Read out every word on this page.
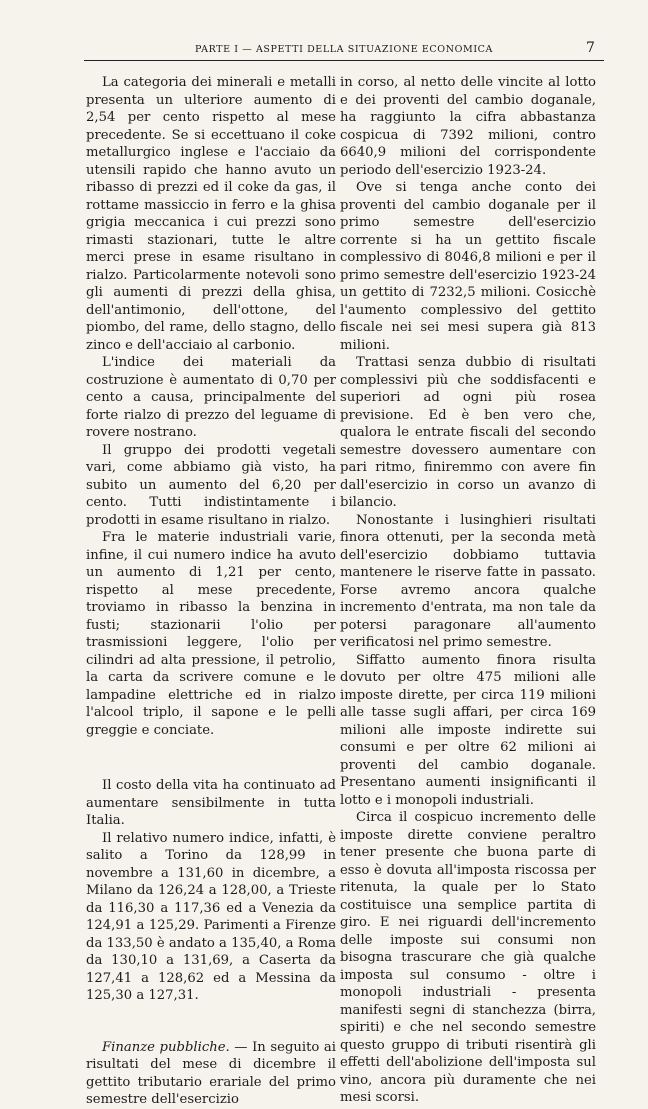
PARTE I — ASPETTI DELLA SITUAZIONE ECONOMICA	7

La categoria dei minerali e metalli presenta un ulteriore aumento di 2,54 per cento rispetto al mese precedente. Se si eccettuano il coke metallurgico inglese e l'acciaio da utensili rapido che hanno avuto un ribasso di prezzi ed il coke da gas, il rottame massiccio in ferro e la ghisa grigia meccanica i cui prezzi sono rimasti stazionari, tutte le altre merci prese in esame risultano in rialzo. Particolarmente notevoli sono gli aumenti di prezzi della ghisa, dell'antimonio, dell'ottone, del piombo, del rame, dello stagno, dello zinco e dell'acciaio al carbonio.

L'indice dei materiali da costruzione è aumentato di 0,70 per cento a causa, principalmente del forte rialzo di prezzo del leguame di rovere nostrano.

Il gruppo dei prodotti vegetali vari, come abbiamo già visto, ha subito un aumento del 6,20 per cento. Tutti indistintamente i prodotti in esame risultano in rialzo.

Fra le materie industriali varie, infine, il cui numero indice ha avuto un aumento di 1,21 per cento, rispetto al mese precedente, troviamo in ribasso la benzina in fusti; stazionarii l'olio per trasmissioni leggere, l'olio per cilindri ad alta pressione, il petrolio, la carta da scrivere comune e le lampadine elettriche ed in rialzo l'alcool triplo, il sapone e le pelli greggie e conciate.

Il costo della vita ha continuato ad aumentare sensibilmente in tutta Italia.

Il relativo numero indice, infatti, è salito a Torino da 128,99 in novembre a 131,60 in dicembre, a Milano da 126,24 a 128,00, a Trieste da 116,30 a 117,36 ed a Venezia da 124,91 a 125,29. Parimenti a Firenze da 133,50 è andato a 135,40, a Roma da 130,10 a 131,69, a Caserta da 127,41 a 128,62 ed a Messina da 125,30 a 127,31.

Finanze pubbliche. — In seguito ai risultati del mese di dicembre il gettito tributario erariale del primo semestre dell'esercizio

in corso, al netto delle vincite al lotto e dei proventi del cambio doganale, ha raggiunto la cifra abbastanza cospicua di 7392 milioni, contro 6640,9 milioni del corrispondente periodo dell'esercizio 1923-24.

Ove si tenga anche conto dei proventi del cambio doganale per il primo semestre dell'esercizio corrente si ha un gettito fiscale complessivo di 8046,8 milioni e per il primo semestre dell'esercizio 1923-24 un gettito di 7232,5 milioni. Cosicchè l'aumento complessivo del gettito fiscale nei sei mesi supera già 813 milioni.

Trattasi senza dubbio di risultati complessivi più che soddisfacenti e superiori ad ogni più rosea previsione. Ed è ben vero che, qualora le entrate fiscali del secondo semestre dovessero aumentare con pari ritmo, finiremmo con avere fin dall'esercizio in corso un avanzo di bilancio.

Nonostante i lusinghieri risultati finora ottenuti, per la seconda metà dell'esercizio dobbiamo tuttavia mantenere le riserve fatte in passato. Forse avremo ancora qualche incremento d'entrata, ma non tale da potersi paragonare all'aumento verificatosi nel primo semestre.

Siffatto aumento finora risulta dovuto per oltre 475 milioni alle imposte dirette, per circa 119 milioni alle tasse sugli affari, per circa 169 milioni alle imposte indirette sui consumi e per oltre 62 milioni ai proventi del cambio doganale. Presentano aumenti insignificanti il lotto e i monopoli industriali.

Circa il cospicuo incremento delle imposte dirette conviene peraltro tener presente che buona parte di esso è dovuta all'imposta riscossa per ritenuta, la quale per lo Stato costituisce una semplice partita di giro. E nei riguardi dell'incremento delle imposte sui consumi non bisogna trascurare che già qualche imposta sul consumo - oltre i monopoli industriali - presenta manifesti segni di stanchezza (birra, spiriti) e che nel secondo semestre questo gruppo di tributi risentirà gli effetti dell'abolizione dell'imposta sul vino, ancora più duramente che nei mesi scorsi.
